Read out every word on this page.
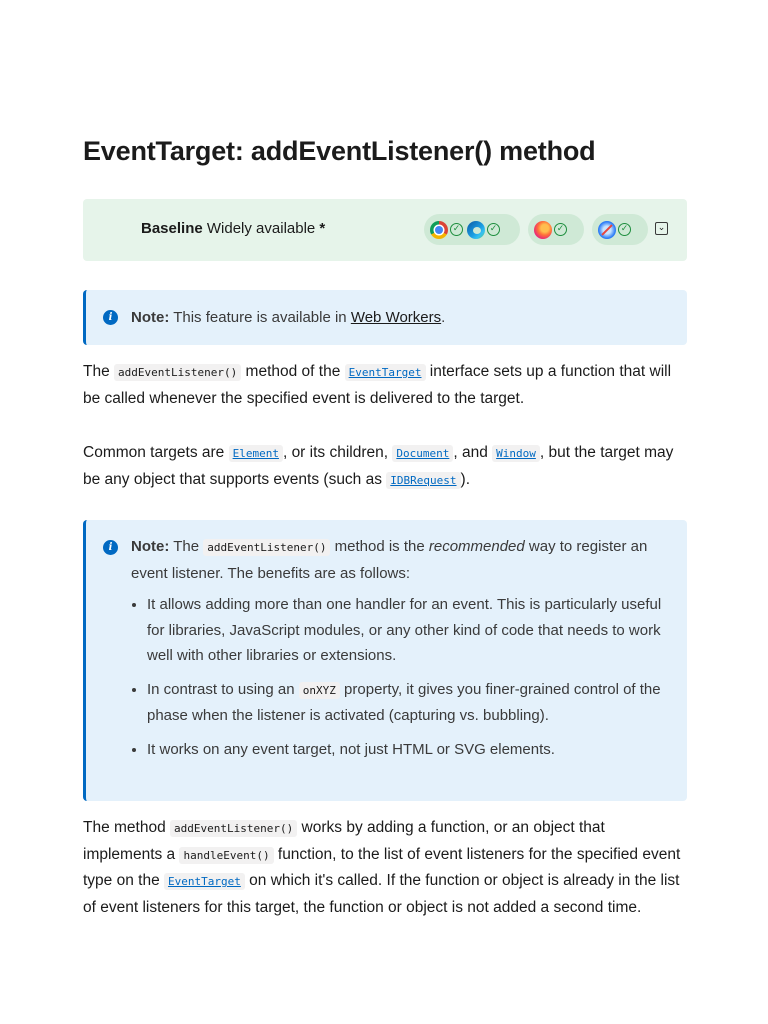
EventTarget: addEventListener() method
Baseline Widely available *	✓	✓	✓	✓	⌄
i	Note: This feature is available in Web Workers.

The addEventListener() method of the EventTarget interface sets up a function that will be called whenever the specified event is delivered to the target.

Common targets are Element , or its children, Document , and Window , but the target may be any object that supports events (such as IDBRequest ).

i	Note: The addEventListener() method is the recommended way to register an event listener. The benefits are as follows:
• It allows adding more than one handler for an event. This is particularly useful for libraries, JavaScript modules, or any other kind of code that needs to work well with other libraries or extensions.
• In contrast to using an onXYZ property, it gives you finer-grained control of the phase when the listener is activated (capturing vs. bubbling).
• It works on any event target, not just HTML or SVG elements.

The method addEventListener() works by adding a function, or an object that implements a handleEvent() function, to the list of event listeners for the specified event type on the EventTarget on which it's called. If the function or object is already in the list of event listeners for this target, the function or object is not added a second time.
